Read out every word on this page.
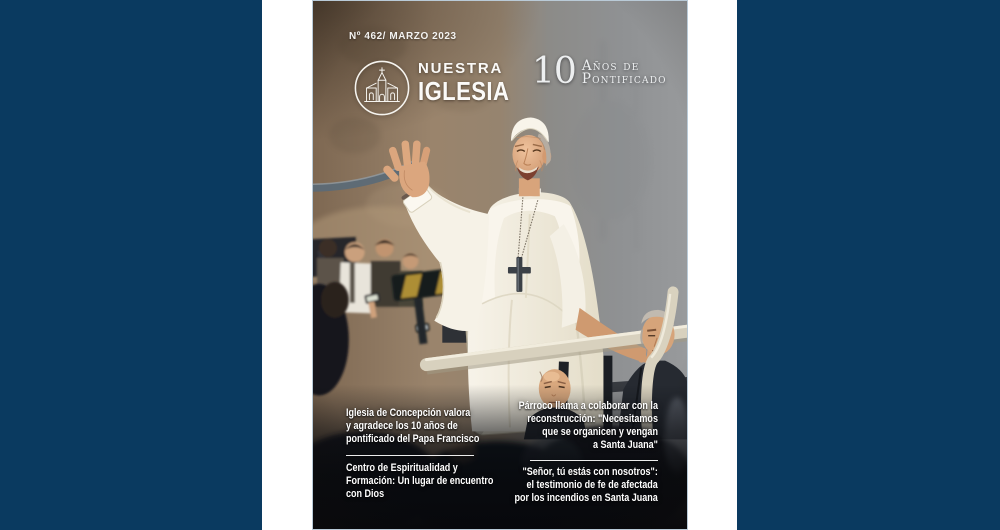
Nº 462/ MARZO 2023
NUESTRA
IGLESIA 10 Años de
Pontificado
Iglesia de Concepción valora
y agradece los 10 años de
pontificado del Papa Francisco
Centro de Espiritualidad y
Formación: Un lugar de encuentro
con Dios
Párroco llama a colaborar con la
reconstrucción: "Necesitamos
que se organicen y vengan
a Santa Juana"
"Señor, tú estás con nosotros":
el testimonio de fe de afectada
por los incendios en Santa Juana
